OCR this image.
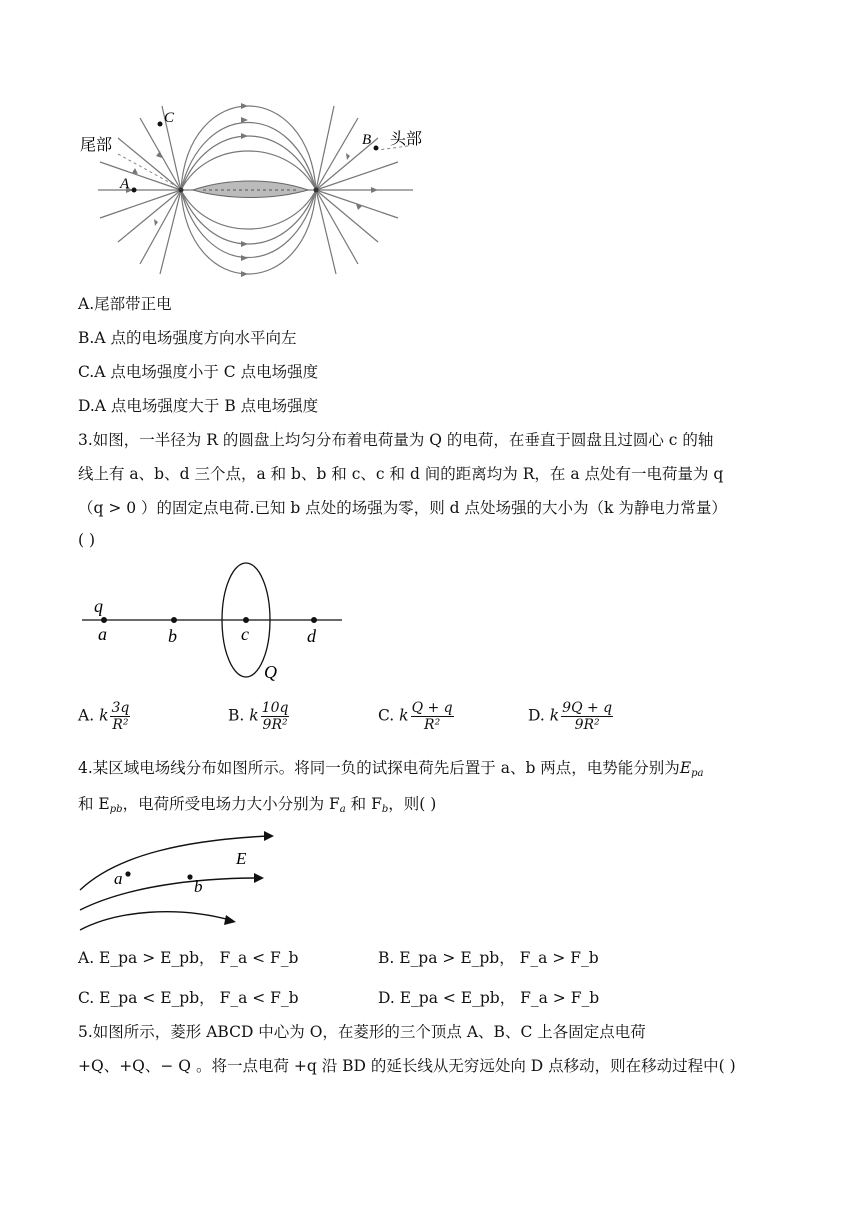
尾部	头部
A
B
C
A.尾部带正电
B.A 点的电场强度方向水平向左
C.A 点电场强度小于 C 点电场强度
D.A 点电场强度大于 B 点电场强度
3.如图，一半径为 R 的圆盘上均匀分布着电荷量为 Q 的电荷，在垂直于圆盘且过圆心 c 的轴
线上有 a、b、d 三个点，a 和 b、b 和 c、c 和 d 间的距离均为 R，在 a 点处有一电荷量为 q
（q > 0 ）的固定点电荷.已知 b 点处的场强为零，则 d 点处场强的大小为（k 为静电力常量）
( )
q
a	b	c	d
Q
A. k $\frac{3q}{\text{R²}}$	B. k $\frac{10q}{\text{9R²}}$	C. k $\frac{Q + q}{\text{R²}}$	D. k $\frac{9Q + q}{\text{9R²}}$
4.某区域电场线分布如图所示。将同一负的试探电荷先后置于 a、b 两点，电势能分别为$E_{pa}$
和 $E_{pb}$，电荷所受电场力大小分别为 $F_a$ 和 $F_b$，则( )
E
a	b
A. E_pa > E_pb， F_a < F_b	B. E_pa > E_pb， F_a > F_b
C. E_pa < E_pb， F_a < F_b	D. E_pa < E_pb， F_a > F_b
5.如图所示，菱形 ABCD 中心为 O，在菱形的三个顶点 A、B、C 上各固定点电荷
+Q、+Q、− Q 。将一点电荷 +q 沿 BD 的延长线从无穷远处向 D 点移动，则在移动过程中( )
